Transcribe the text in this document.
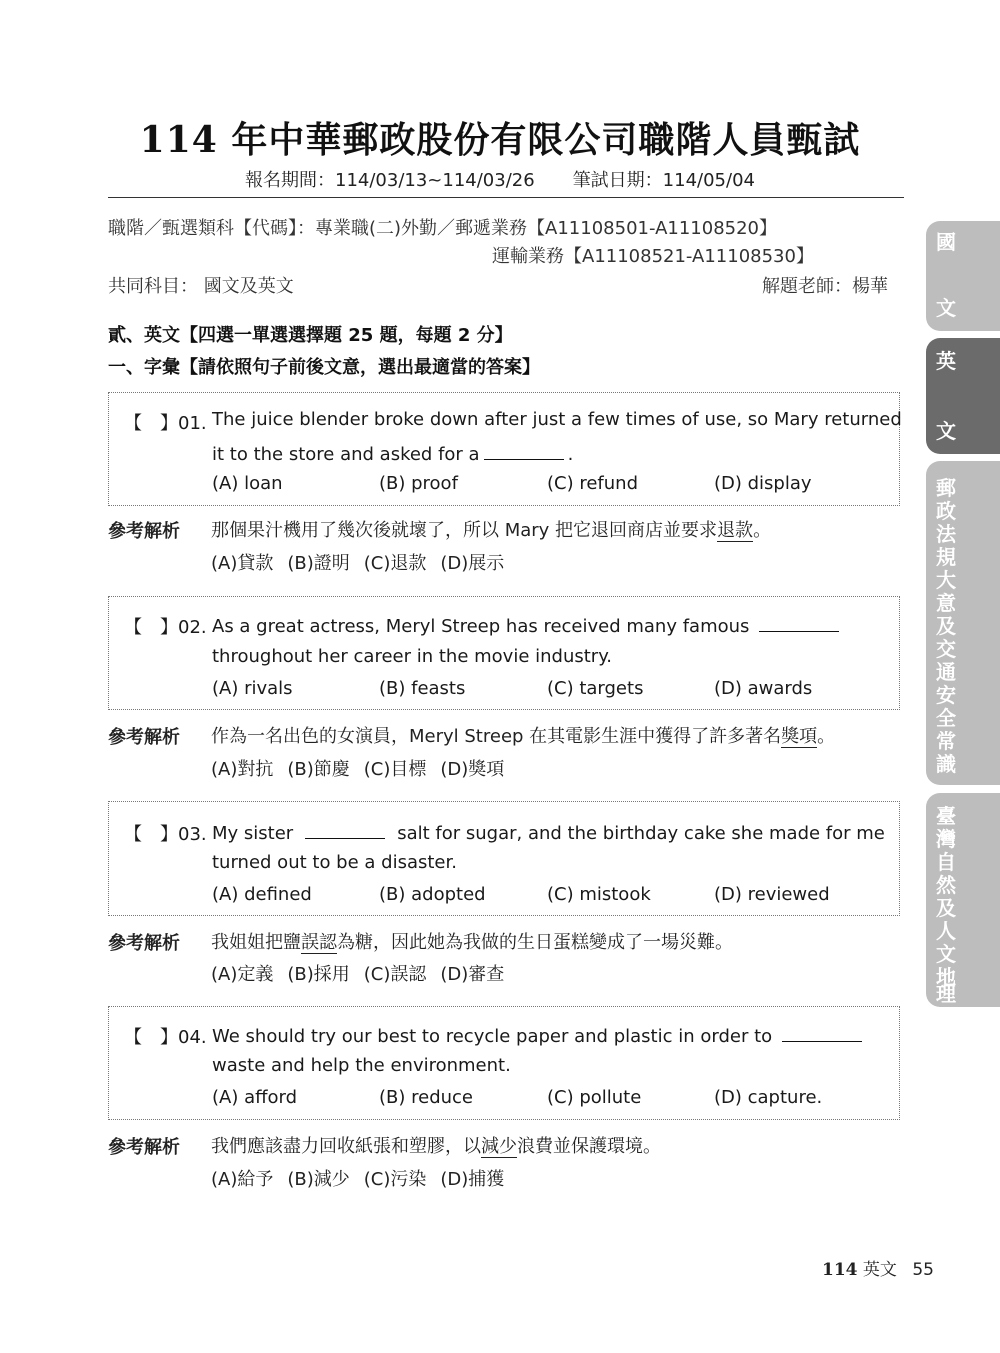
114 年中華郵政股份有限公司職階人員甄試
報名期間：114/03/13~114/03/26 筆試日期：114/05/04
職階／甄選類科【代碼】：專業職(二)外勤／郵遞業務【A11108501-A11108520】
運輸業務【A11108521-A11108530】
共同科目： 國文及英文	解題老師：楊華
貳、英文【四選一單選選擇題 25 題，每題 2 分】
一、字彙【請依照句子前後文意，選出最適當的答案】
【　】01. The juice blender broke down after just a few times of use, so Mary returned
it to the store and asked for a	.
(A) loan	(B) proof	(C) refund	(D) display
參考解析 那個果汁機用了幾次後就壞了，所以 Mary 把它退回商店並要求退款。
(A)貸款 (B)證明 (C)退款 (D)展示
【　】02. As a great actress, Meryl Streep has received many famous
throughout her career in the movie industry.
(A) rivals	(B) feasts	(C) targets	(D) awards
參考解析 作為一名出色的女演員，Meryl Streep 在其電影生涯中獲得了許多著名獎項。
(A)對抗 (B)節慶 (C)目標 (D)獎項
【　】03. My sister	salt for sugar, and the birthday cake she made for me
turned out to be a disaster.
(A) defined	(B) adopted	(C) mistook	(D) reviewed
參考解析 我姐姐把鹽誤認為糖，因此她為我做的生日蛋糕變成了一場災難。
(A)定義 (B)採用 (C)誤認 (D)審查
【　】04. We should try our best to recycle paper and plastic in order to
waste and help the environment.
(A) afford	(B) reduce	(C) pollute	(D) capture.
參考解析 我們應該盡力回收紙張和塑膠，以減少浪費並保護環境。
(A)給予 (B)減少 (C)污染 (D)捕獲
國
文
英
文
郵
政
法
規
大
意
及
交
通
安
全
常
識
臺
灣
自
然
及
人
文
地
理
114 英文 55
